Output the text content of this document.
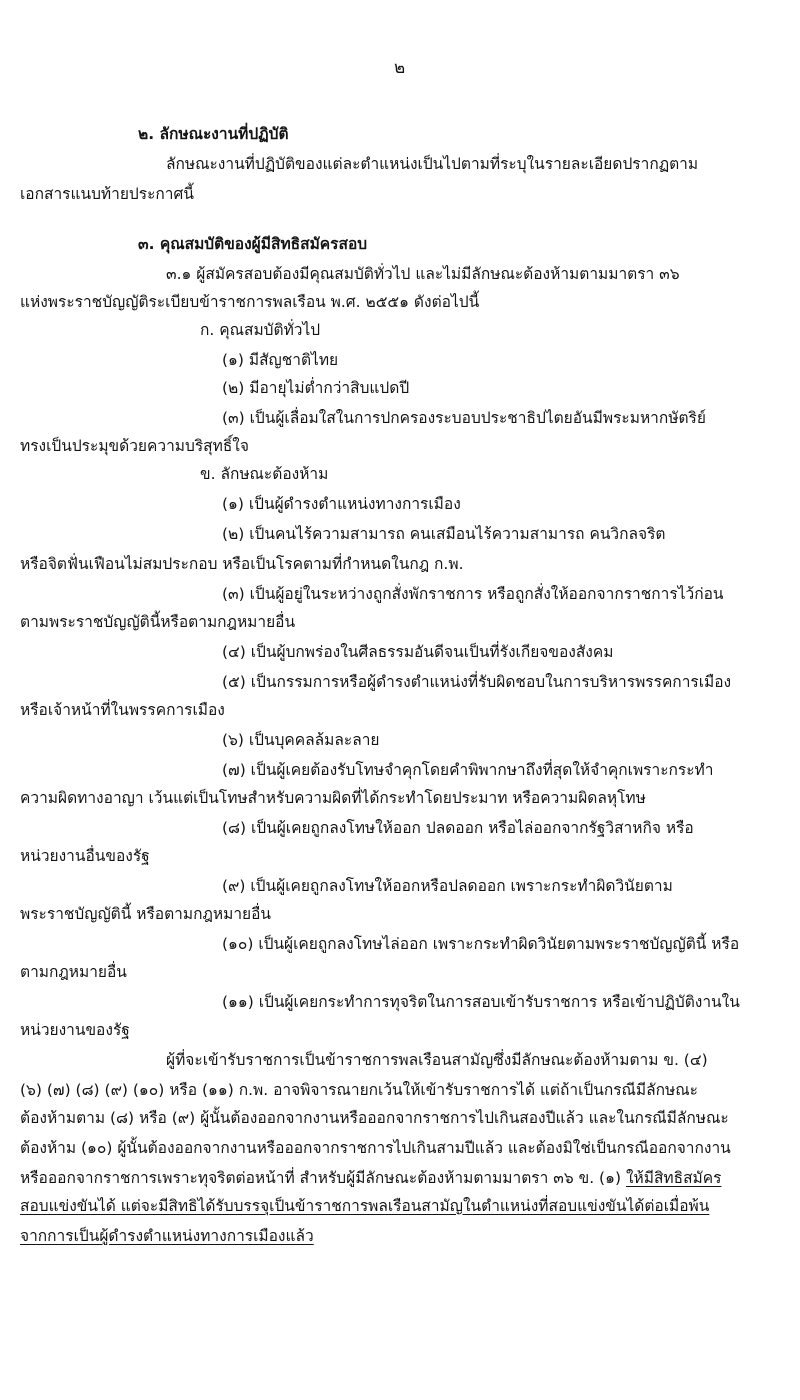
๒
๒. ลักษณะงานที่ปฏิบัติ
ลักษณะงานที่ปฏิบัติของแต่ละตำแหน่งเป็นไปตามที่ระบุในรายละเอียดปรากฏตาม
เอกสารแนบท้ายประกาศนี้
๓. คุณสมบัติของผู้มีสิทธิสมัครสอบ
๓.๑ ผู้สมัครสอบต้องมีคุณสมบัติทั่วไป และไม่มีลักษณะต้องห้ามตามมาตรา ๓๖
แห่งพระราชบัญญัติระเบียบข้าราชการพลเรือน พ.ศ. ๒๕๕๑ ดังต่อไปนี้
ก. คุณสมบัติทั่วไป
(๑) มีสัญชาติไทย
(๒) มีอายุไม่ต่ำกว่าสิบแปดปี
(๓) เป็นผู้เลื่อมใสในการปกครองระบอบประชาธิปไตยอันมีพระมหากษัตริย์
ทรงเป็นประมุขด้วยความบริสุทธิ์ใจ
ข. ลักษณะต้องห้าม
(๑) เป็นผู้ดำรงตำแหน่งทางการเมือง
(๒) เป็นคนไร้ความสามารถ คนเสมือนไร้ความสามารถ คนวิกลจริต
หรือจิตฟั่นเฟือนไม่สมประกอบ หรือเป็นโรคตามที่กำหนดในกฎ ก.พ.
(๓) เป็นผู้อยู่ในระหว่างถูกสั่งพักราชการ หรือถูกสั่งให้ออกจากราชการไว้ก่อน
ตามพระราชบัญญัตินี้หรือตามกฎหมายอื่น
(๔) เป็นผู้บกพร่องในศีลธรรมอันดีจนเป็นที่รังเกียจของสังคม
(๕) เป็นกรรมการหรือผู้ดำรงตำแหน่งที่รับผิดชอบในการบริหารพรรคการเมือง
หรือเจ้าหน้าที่ในพรรคการเมือง
(๖) เป็นบุคคลล้มละลาย
(๗) เป็นผู้เคยต้องรับโทษจำคุกโดยคำพิพากษาถึงที่สุดให้จำคุกเพราะกระทำ
ความผิดทางอาญา เว้นแต่เป็นโทษสำหรับความผิดที่ได้กระทำโดยประมาท หรือความผิดลหุโทษ
(๘) เป็นผู้เคยถูกลงโทษให้ออก ปลดออก หรือไล่ออกจากรัฐวิสาหกิจ หรือ
หน่วยงานอื่นของรัฐ
(๙) เป็นผู้เคยถูกลงโทษให้ออกหรือปลดออก เพราะกระทำผิดวินัยตาม
พระราชบัญญัตินี้ หรือตามกฎหมายอื่น
(๑๐) เป็นผู้เคยถูกลงโทษไล่ออก เพราะกระทำผิดวินัยตามพระราชบัญญัตินี้ หรือ
ตามกฎหมายอื่น
(๑๑) เป็นผู้เคยกระทำการทุจริตในการสอบเข้ารับราชการ หรือเข้าปฏิบัติงานใน
หน่วยงานของรัฐ
ผู้ที่จะเข้ารับราชการเป็นข้าราชการพลเรือนสามัญซึ่งมีลักษณะต้องห้ามตาม ข. (๔)
(๖) (๗) (๘) (๙) (๑๐) หรือ (๑๑) ก.พ. อาจพิจารณายกเว้นให้เข้ารับราชการได้ แต่ถ้าเป็นกรณีมีลักษณะ
ต้องห้ามตาม (๘) หรือ (๙) ผู้นั้นต้องออกจากงานหรือออกจากราชการไปเกินสองปีแล้ว และในกรณีมีลักษณะ
ต้องห้าม (๑๐) ผู้นั้นต้องออกจากงานหรือออกจากราชการไปเกินสามปีแล้ว และต้องมิใช่เป็นกรณีออกจากงาน
หรือออกจากราชการเพราะทุจริตต่อหน้าที่ สำหรับผู้มีลักษณะต้องห้ามตามมาตรา ๓๖ ข. (๑) ให้มีสิทธิสมัคร
สอบแข่งขันได้ แต่จะมีสิทธิได้รับบรรจุเป็นข้าราชการพลเรือนสามัญในตำแหน่งที่สอบแข่งขันได้ต่อเมื่อพ้น
จากการเป็นผู้ดำรงตำแหน่งทางการเมืองแล้ว
